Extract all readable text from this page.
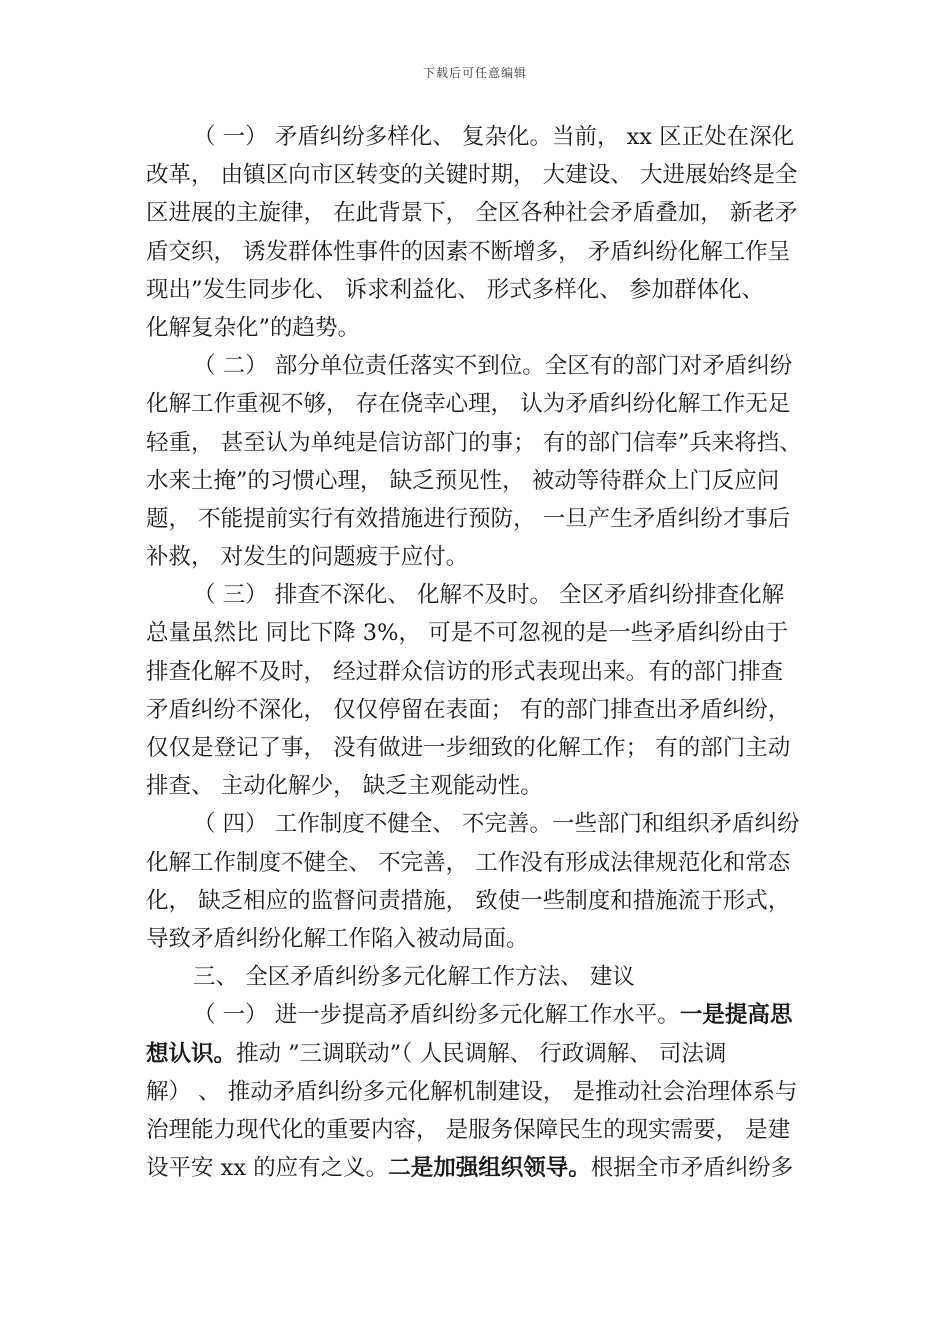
下载后可任意编辑
（ 一） 矛盾纠纷多样化、 复杂化。当前， xx 区正处在深化
改革， 由镇区向市区转变的关键时期， 大建设、 大进展始终是全
区进展的主旋律， 在此背景下， 全区各种社会矛盾叠加， 新老矛
盾交织， 诱发群体性事件的因素不断增多， 矛盾纠纷化解工作呈
现出”发生同步化、 诉求利益化、 形式多样化、 参加群体化、
化解复杂化”的趋势。
（ 二） 部分单位责任落实不到位。全区有的部门对矛盾纠纷
化解工作重视不够， 存在侥幸心理， 认为矛盾纠纷化解工作无足
轻重， 甚至认为单纯是信访部门的事； 有的部门信奉”兵来将挡、
水来土掩”的习惯心理， 缺乏预见性， 被动等待群众上门反应问
题， 不能提前实行有效措施进行预防， 一旦产生矛盾纠纷才事后
补救， 对发生的问题疲于应付。
（ 三） 排查不深化、 化解不及时。 全区矛盾纠纷排查化解
总量虽然比 同比下降 3%， 可是不可忽视的是一些矛盾纠纷由于
排查化解不及时， 经过群众信访的形式表现出来。有的部门排查
矛盾纠纷不深化， 仅仅停留在表面； 有的部门排查出矛盾纠纷，
仅仅是登记了事， 没有做进一步细致的化解工作； 有的部门主动
排查、 主动化解少， 缺乏主观能动性。
（ 四） 工作制度不健全、 不完善。一些部门和组织矛盾纠纷
化解工作制度不健全、 不完善， 工作没有形成法律规范化和常态
化， 缺乏相应的监督问责措施， 致使一些制度和措施流于形式，
导致矛盾纠纷化解工作陷入被动局面。
三、 全区矛盾纠纷多元化解工作方法、 建议
（ 一） 进一步提高矛盾纠纷多元化解工作水平。一是提高思
想认识。推动 ”三调联动”（ 人民调解、 行政调解、 司法调
解） 、 推动矛盾纠纷多元化解机制建设， 是推动社会治理体系与
治理能力现代化的重要内容， 是服务保障民生的现实需要， 是建
设平安 xx 的应有之义。二是加强组织领导。根据全市矛盾纠纷多
